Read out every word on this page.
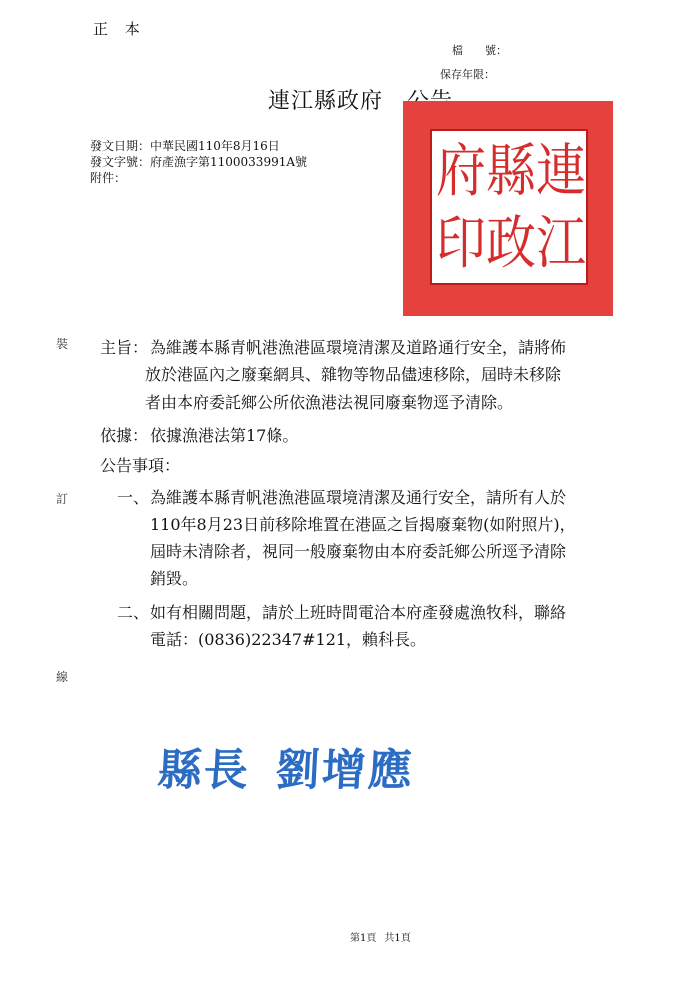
正 本
檔　　號：
保存年限：
連江縣政府
發文日期：中華民國110年8月16日
發文字號：府產漁字第1100033991A號
附件：	府 縣 連
印 政 江
裝
訂
線
主旨： 為維護本縣青帆港漁港區環境清潔及道路通行安全，請將佈
放於港區內之廢棄網具、雜物等物品儘速移除，屆時未移除
者由本府委託鄉公所依漁港法視同廢棄物逕予清除。
依據： 依據漁港法第17條。
公告事項：
一、 為維護本縣青帆港漁港區環境清潔及通行安全，請所有人於
110年8月23日前移除堆置在港區之旨揭廢棄物(如附照片)，
屆時未清除者，視同一般廢棄物由本府委託鄉公所逕予清除
銷毀。
二、 如有相關問題，請於上班時間電洽本府產發處漁牧科，聯絡
電話：(0836)22347#121，賴科長。
縣長 劉增應
第1頁 共1頁
